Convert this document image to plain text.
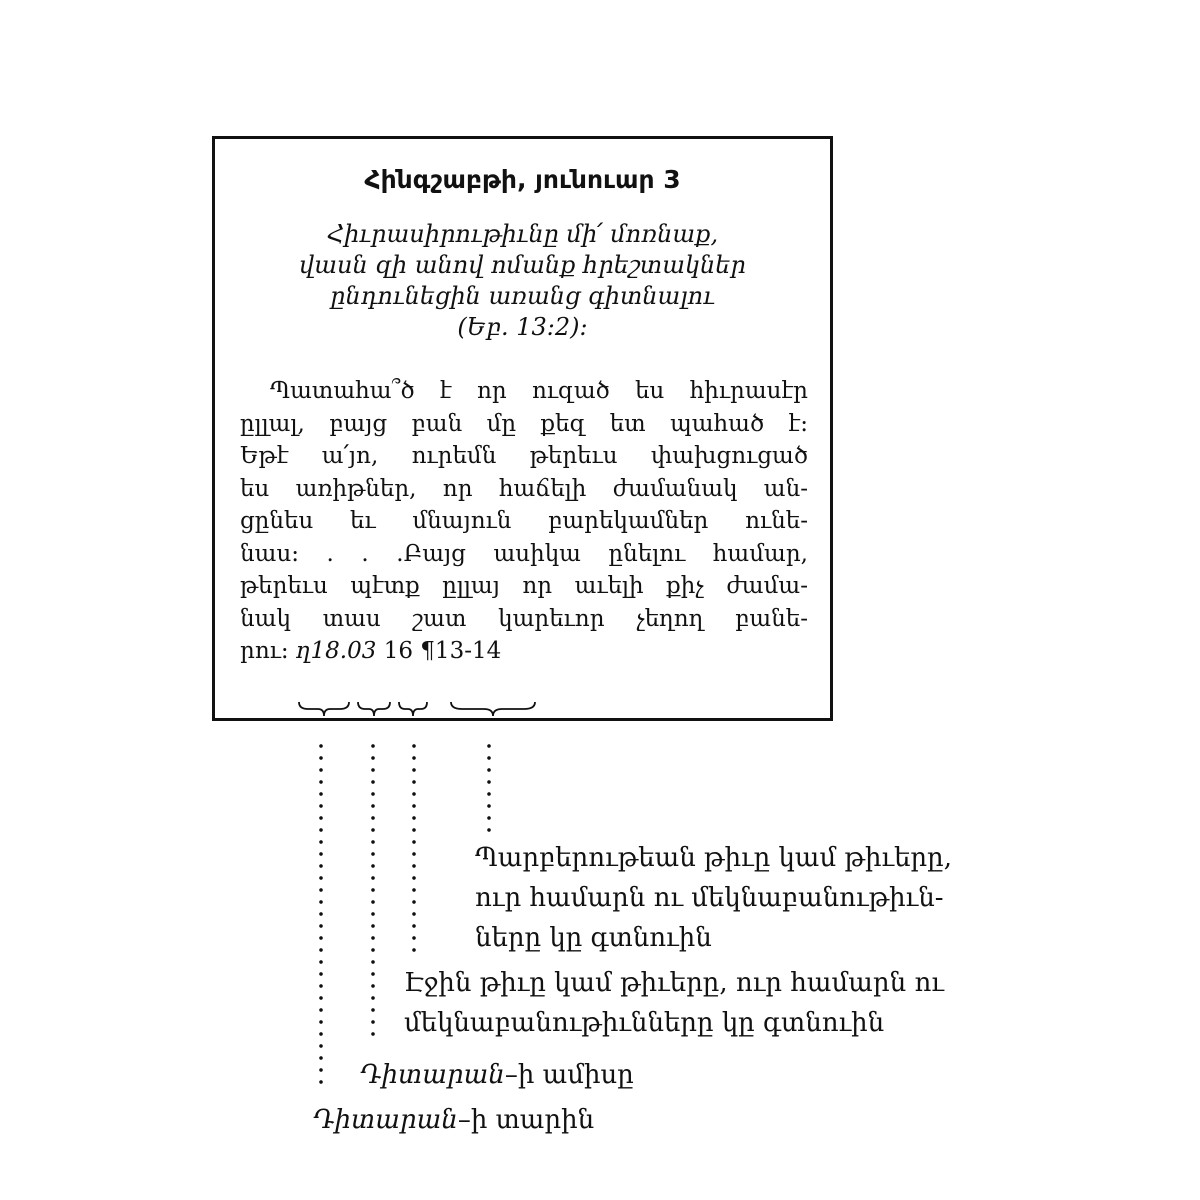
Հինգշաբթի, յունուար 3
Հիւրասիրութիւնը մի՛ մոռնաք,
վասն զի անով ոմանք հրեշտակներ
ընդունեցին առանց գիտնալու
(Եբ. 13:2):
Պատահա՞ծ է որ ուզած ես հիւրասէր
ըլլալ, բայց բան մը քեզ ետ պահած է:
Եթէ ա՛յո, ուրեմն թերեւս փախցուցած
ես առիթներ, որ հաճելի ժամանակ ան-
ցընես եւ մնայուն բարեկամներ ունե-
նաս: . . .Բայց ասիկա ընելու համար,
թերեւս պէտք ըլլայ որ աւելի քիչ ժամա-
նակ տաս շատ կարեւոր չեղող բանե-
րու: ղ18.03 16 ¶13-14
Պարբերութեան թիւը կամ թիւերը,
ուր համարն ու մեկնաբանութիւն-
ները կը գտնուին
Էջին թիւը կամ թիւերը, ուր համարն ու
մեկնաբանութիւնները կը գտնուին
Դիտարան–ի ամիսը
Դիտարան–ի տարին
